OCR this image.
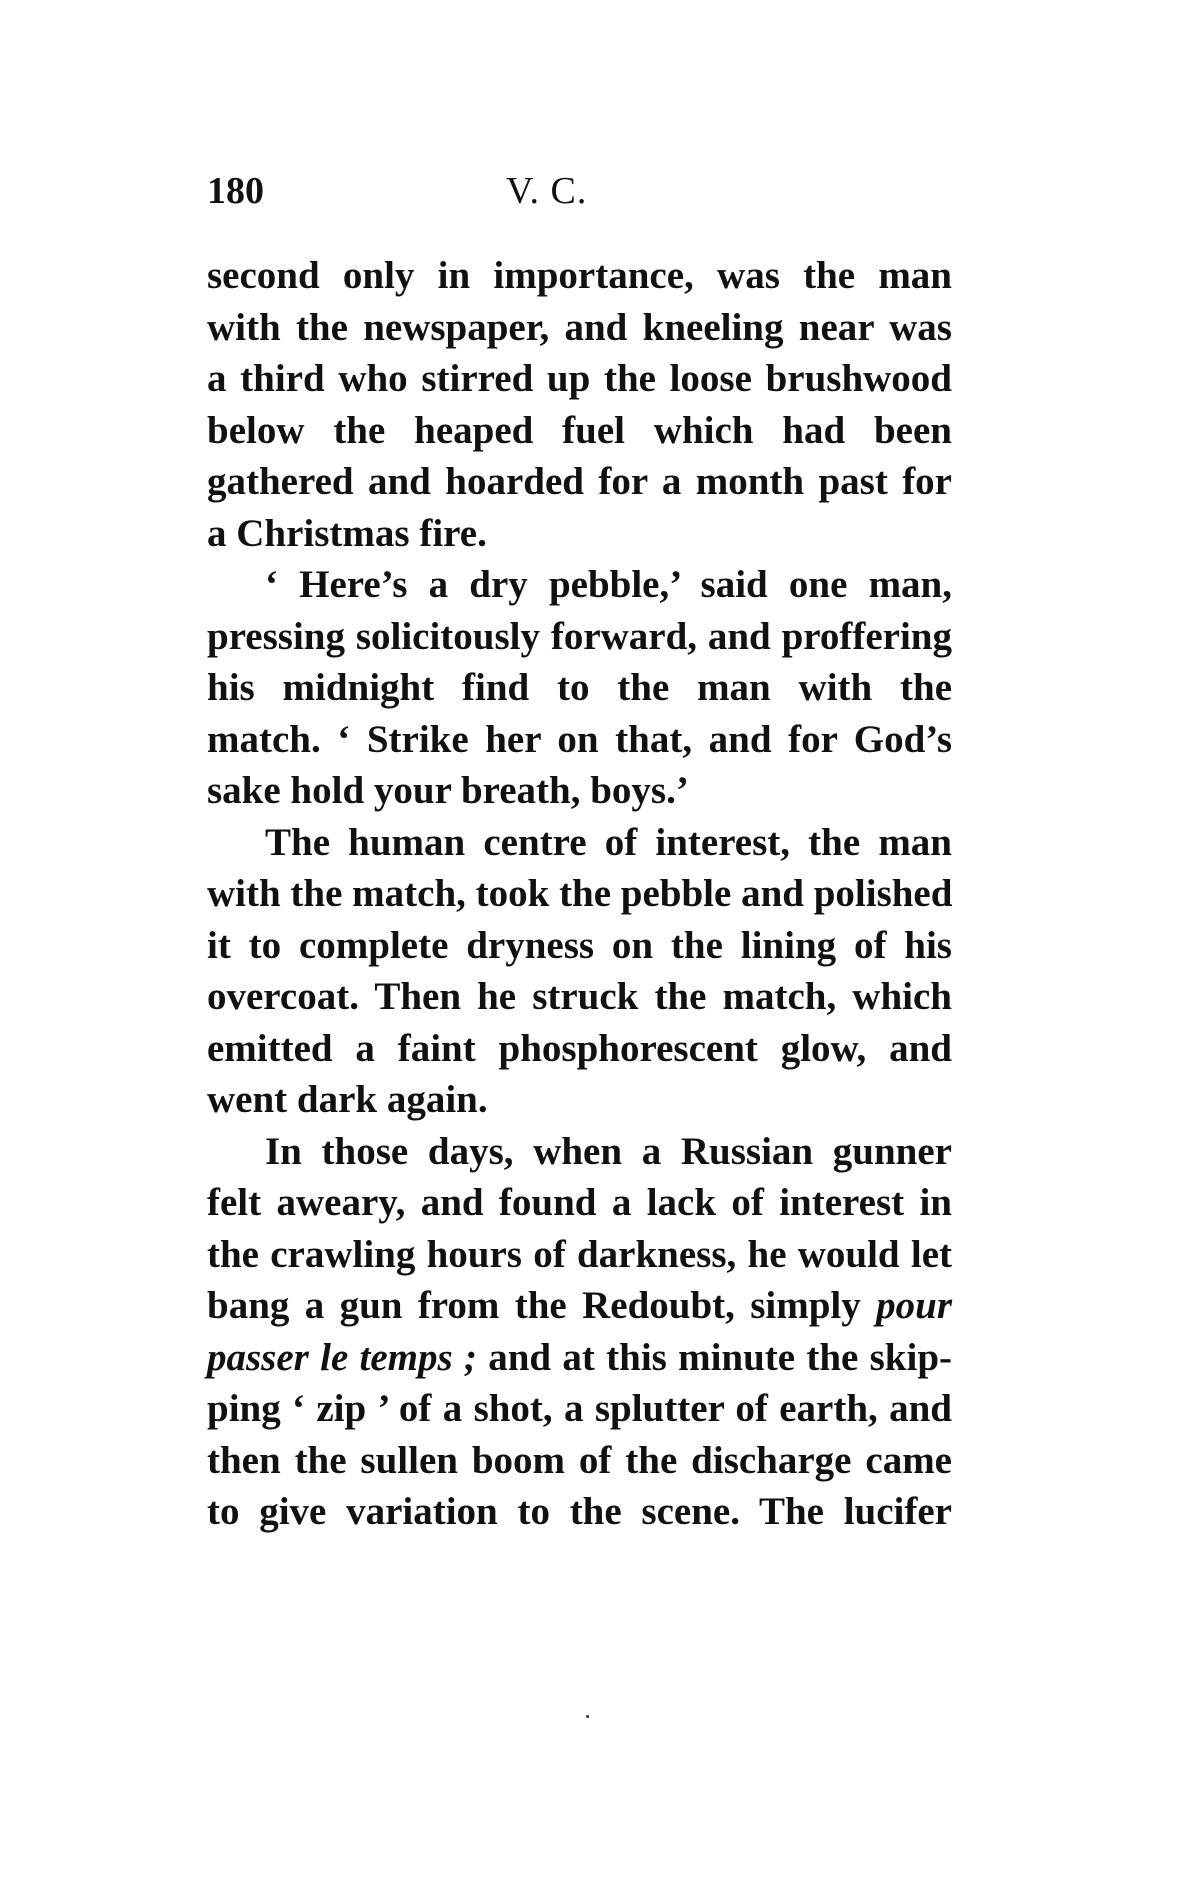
180	V. C.
second only in importance, was the man
with the newspaper, and kneeling near was
a third who stirred up the loose brushwood
below the heaped fuel which had been
gathered and hoarded for a month past for
a Christmas fire.
‘ Here’s a dry pebble,’ said one man,
pressing solicitously forward, and proffering
his midnight find to the man with the
match. ‘ Strike her on that, and for God’s
sake hold your breath, boys.’
The human centre of interest, the man
with the match, took the pebble and polished
it to complete dryness on the lining of his
overcoat. Then he struck the match, which
emitted a faint phosphorescent glow, and
went dark again.
In those days, when a Russian gunner
felt aweary, and found a lack of interest in
the crawling hours of darkness, he would let
bang a gun from the Redoubt, simply pour
passer le temps ; and at this minute the skip-
ping ‘ zip ’ of a shot, a splutter of earth, and
then the sullen boom of the discharge came
to give variation to the scene. The lucifer
